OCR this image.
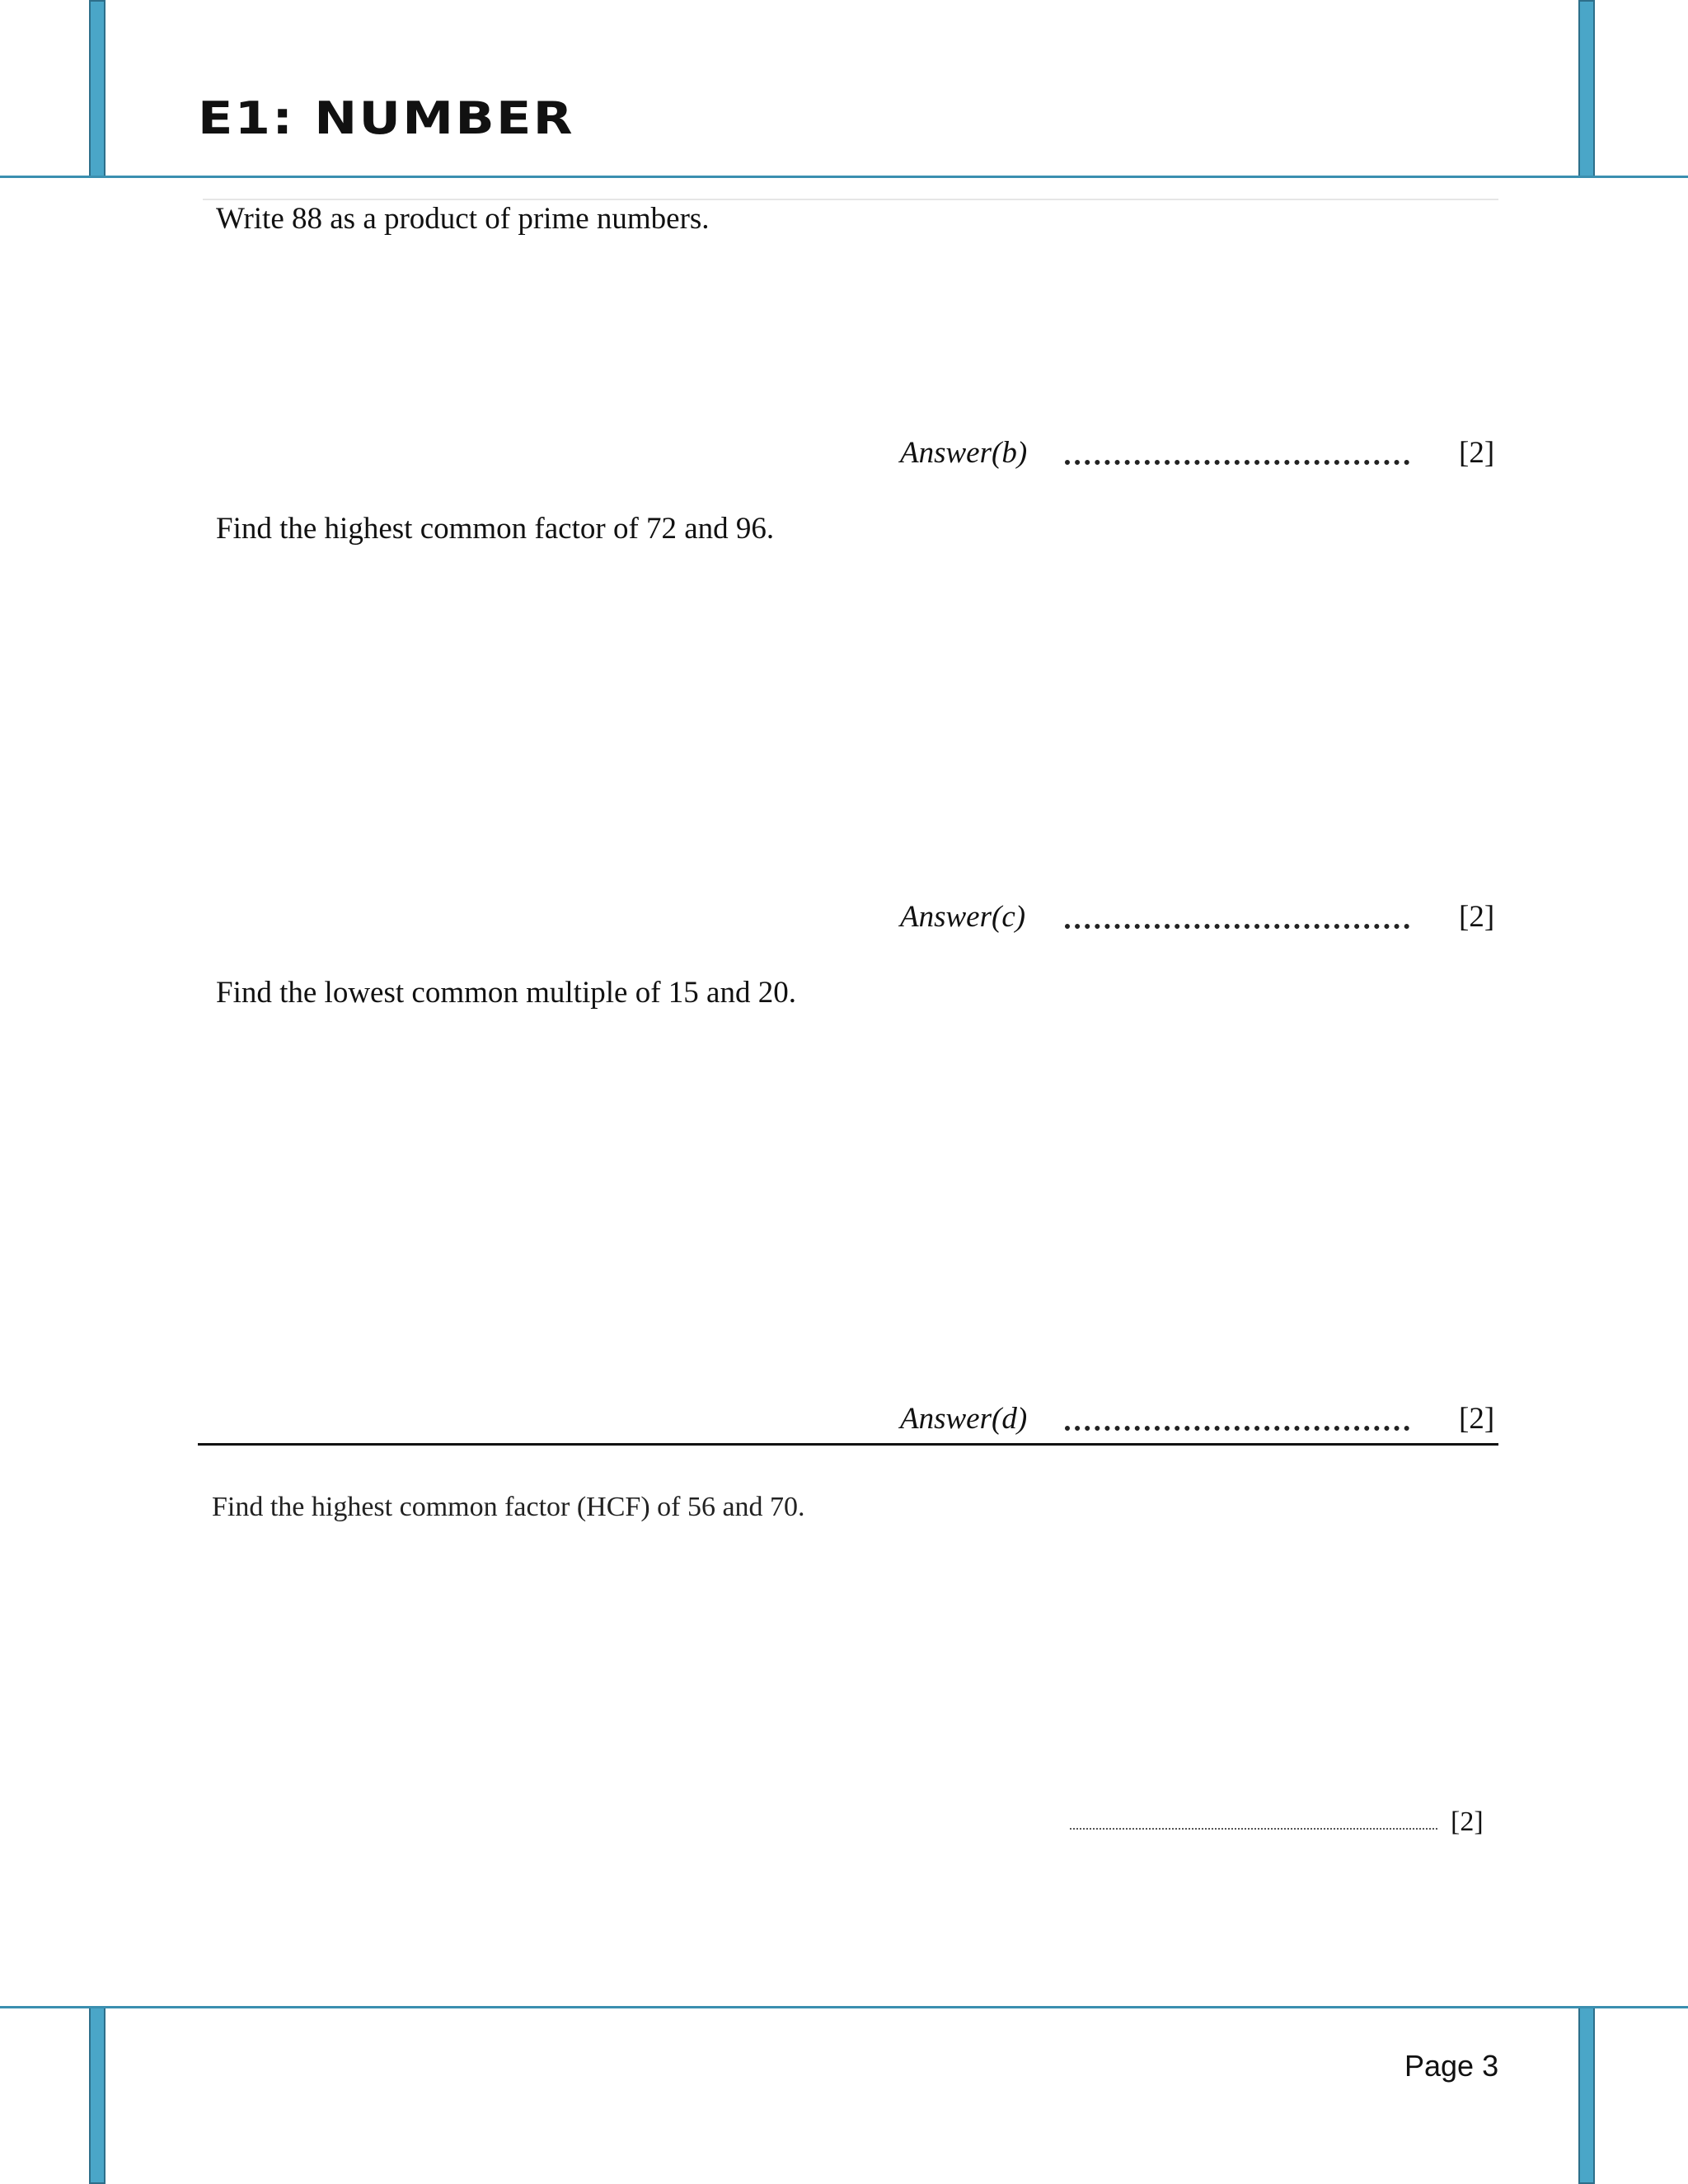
E1: NUMBER
Write 88 as a product of prime numbers.
Answer(b)	[2]
Find the highest common factor of 72 and 96.
Answer(c)	[2]
Find the lowest common multiple of 15 and 20.
Answer(d)	[2]
Find the highest common factor (HCF) of 56 and 70.
[2]
Page 3
